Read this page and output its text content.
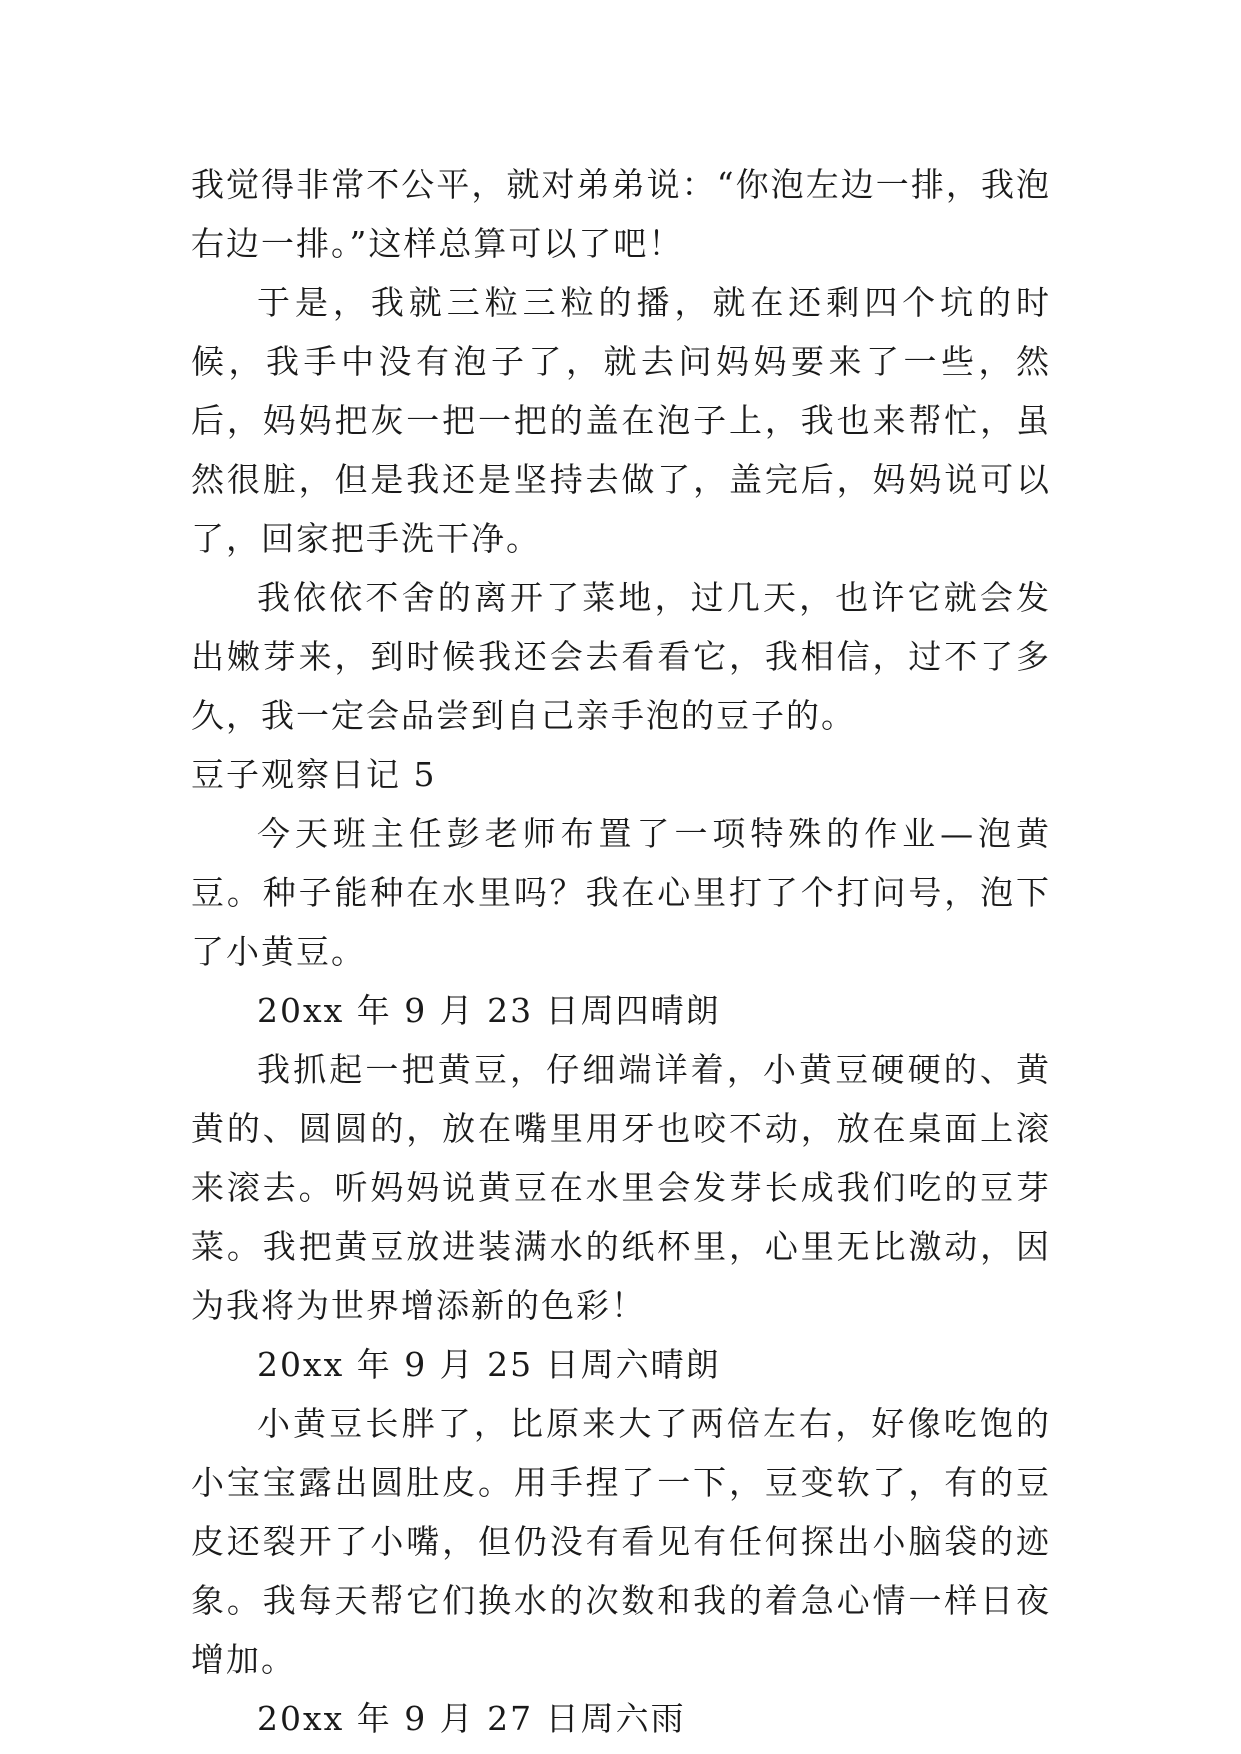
我觉得非常不公平，就对弟弟说：“你泡左边一排，我泡右边一排。”这样总算可以了吧！

于是，我就三粒三粒的播，就在还剩四个坑的时候，我手中没有泡子了，就去问妈妈要来了一些，然后，妈妈把灰一把一把的盖在泡子上，我也来帮忙，虽然很脏，但是我还是坚持去做了，盖完后，妈妈说可以了，回家把手洗干净。

我依依不舍的离开了菜地，过几天，也许它就会发出嫩芽来，到时候我还会去看看它，我相信，过不了多久，我一定会品尝到自己亲手泡的豆子的。

豆子观察日记 5

今天班主任彭老师布置了一项特殊的作业—泡黄豆。种子能种在水里吗？我在心里打了个打问号，泡下了小黄豆。

20xx 年 9 月 23 日周四晴朗

我抓起一把黄豆，仔细端详着，小黄豆硬硬的、黄黄的、圆圆的，放在嘴里用牙也咬不动，放在桌面上滚来滚去。听妈妈说黄豆在水里会发芽长成我们吃的豆芽菜。我把黄豆放进装满水的纸杯里，心里无比激动，因为我将为世界增添新的色彩！

20xx 年 9 月 25 日周六晴朗

小黄豆长胖了，比原来大了两倍左右，好像吃饱的小宝宝露出圆肚皮。用手捏了一下，豆变软了，有的豆皮还裂开了小嘴，但仍没有看见有任何探出小脑袋的迹象。我每天帮它们换水的次数和我的着急心情一样日夜增加。

20xx 年 9 月 27 日周六雨
